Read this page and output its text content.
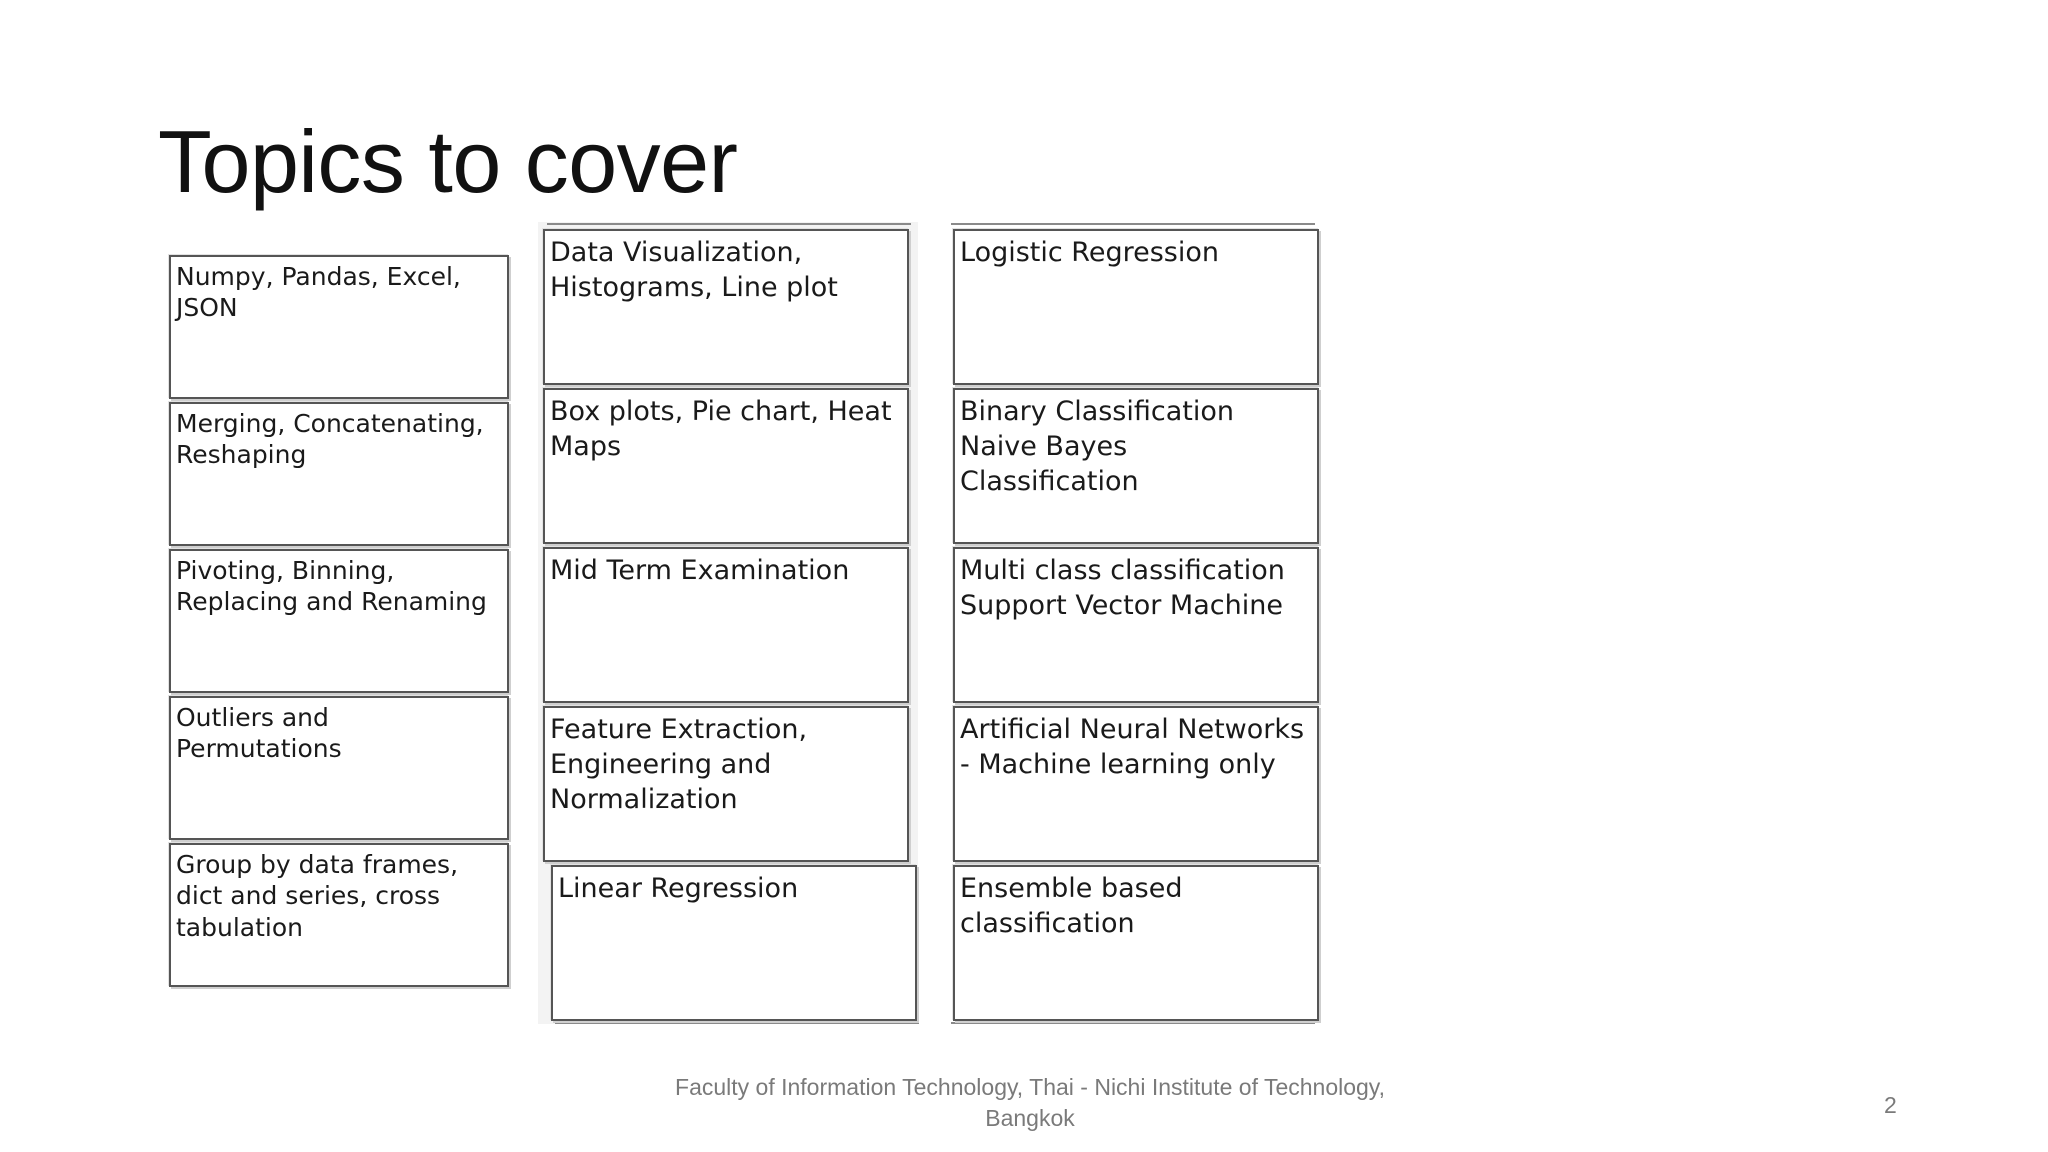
Topics to cover
Numpy, Pandas, Excel, JSON
Merging, Concatenating, Reshaping
Pivoting, Binning, Replacing and Renaming
Outliers and Permutations
Group by data frames, dict and series, cross tabulation
Data Visualization, Histograms, Line plot
Box plots, Pie chart, Heat Maps
Mid Term Examination
Feature Extraction, Engineering and Normalization
Linear Regression
Logistic Regression
Binary Classification
Naive Bayes Classification
Multi class classification
Support Vector Machine
Artificial Neural Networks - Machine learning only
Ensemble based classification
Faculty of Information Technology, Thai - Nichi Institute of Technology, Bangkok
2
